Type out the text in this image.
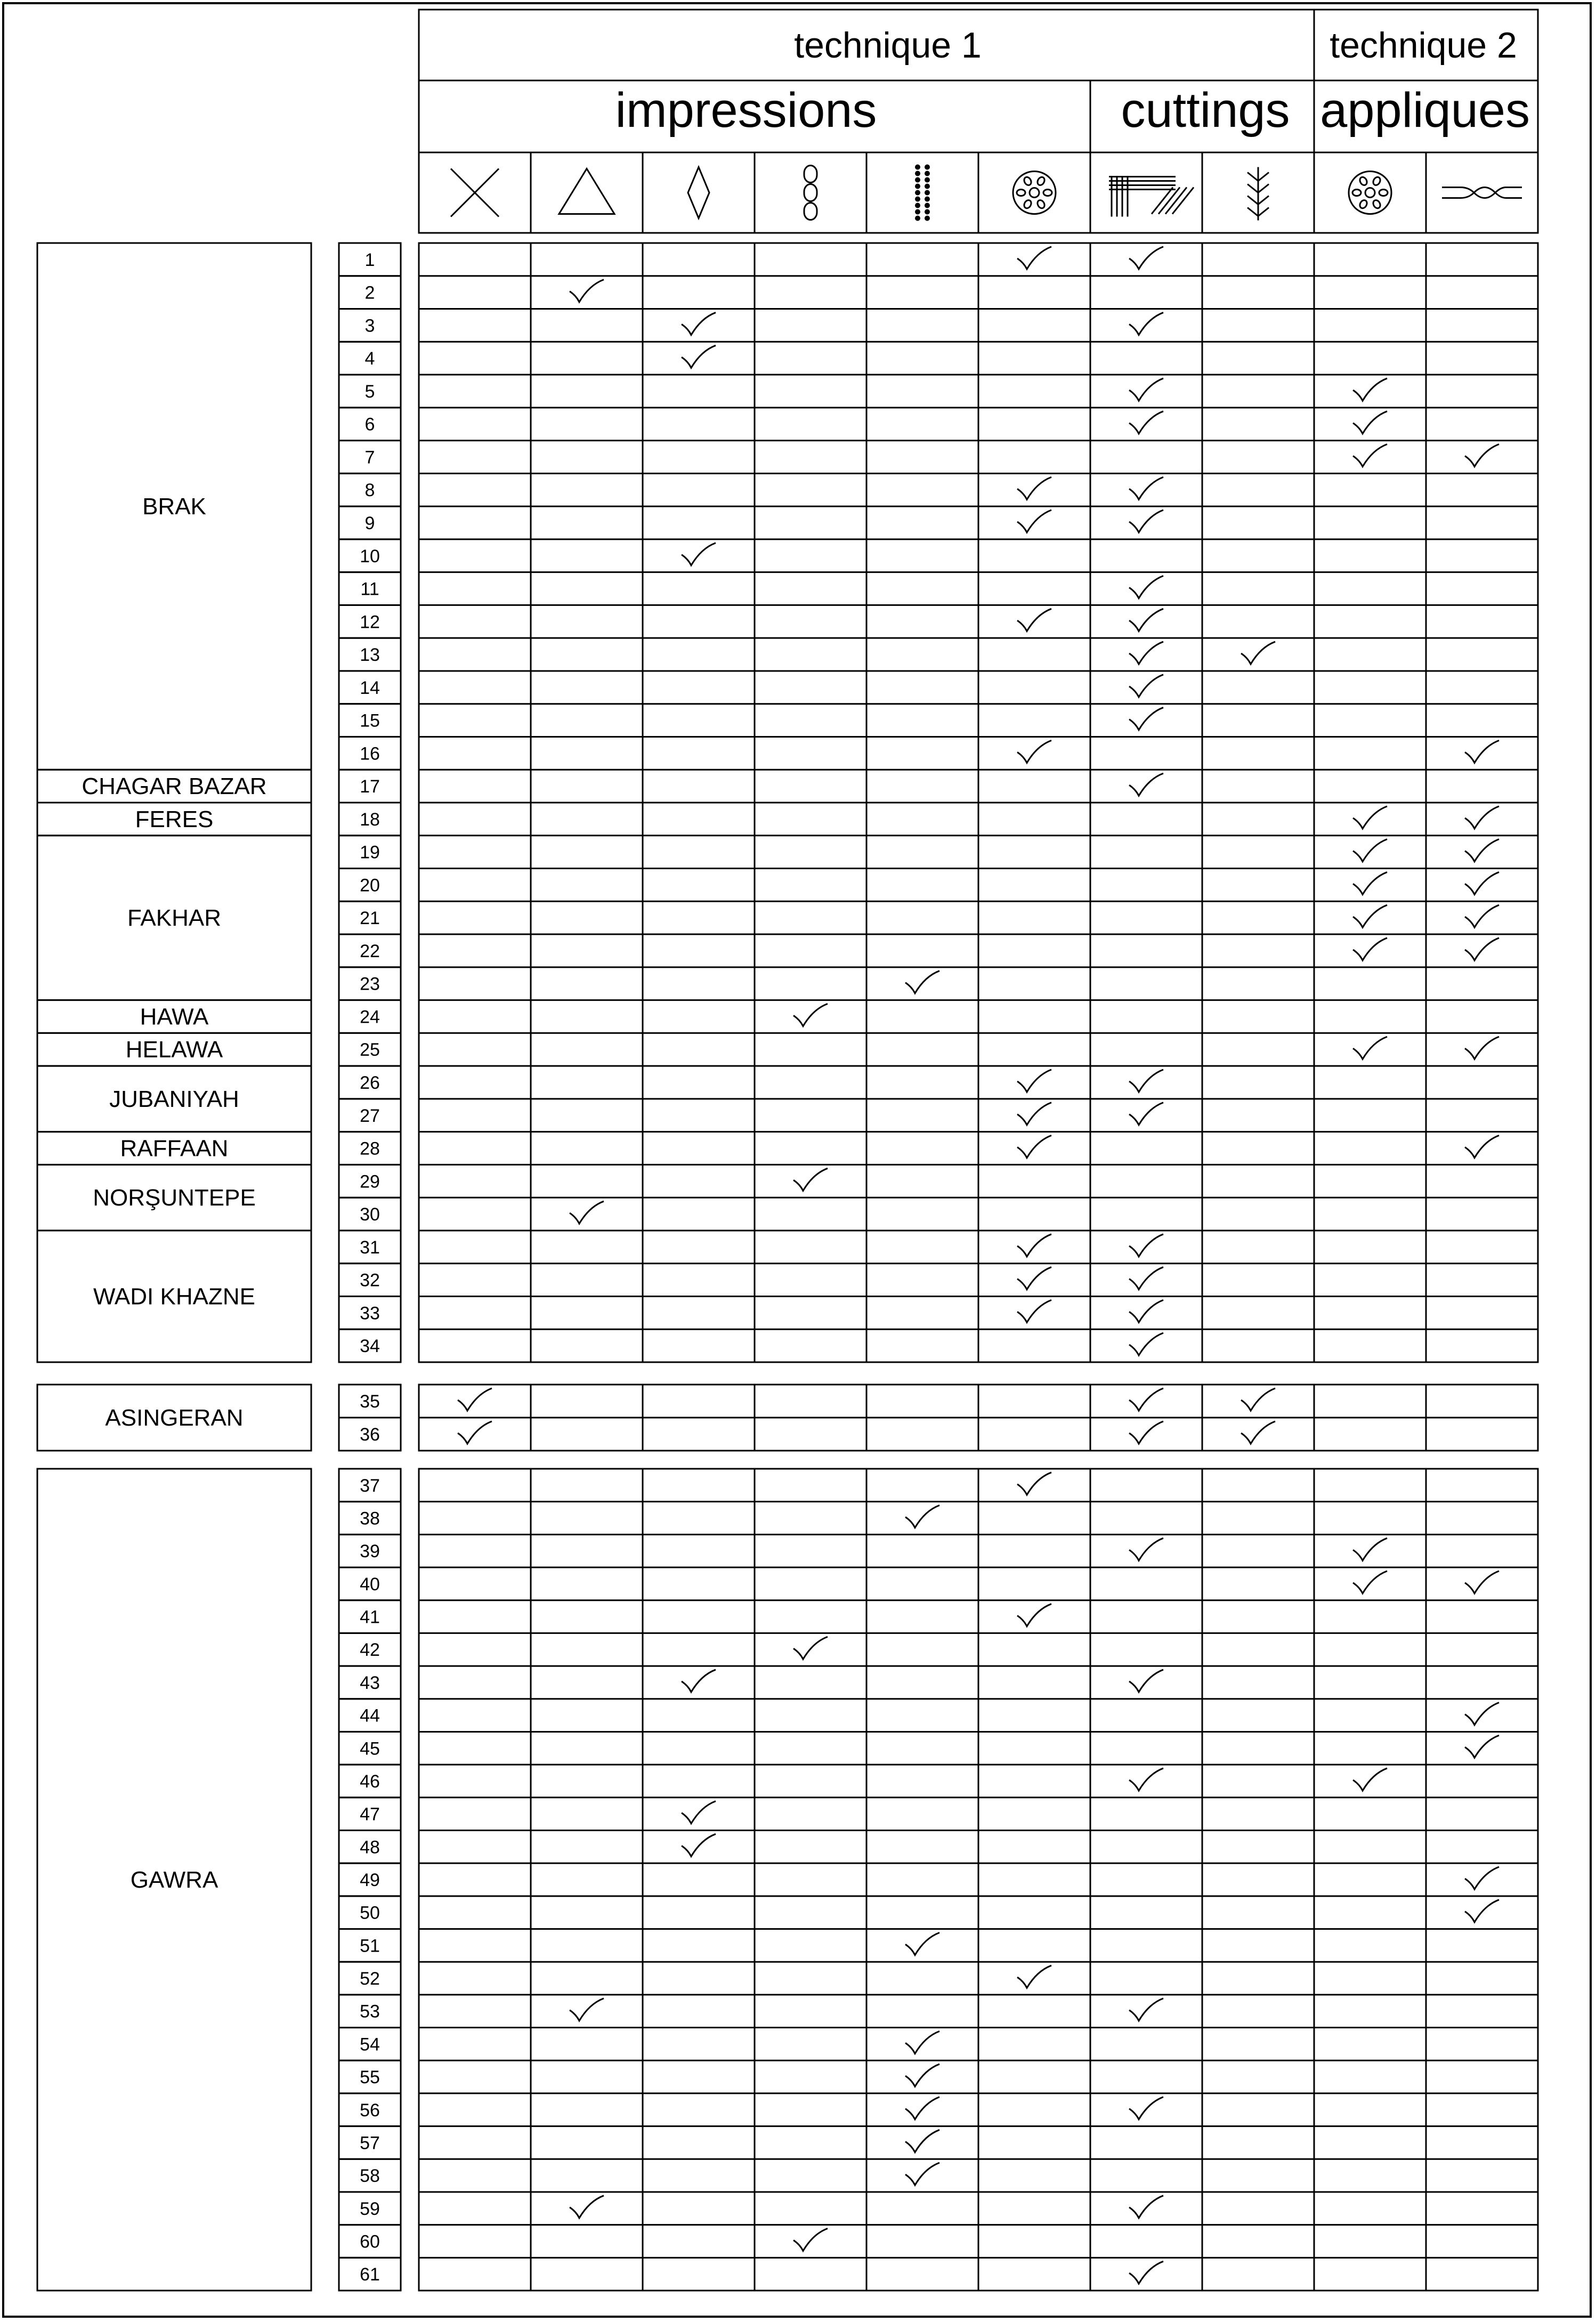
technique 1	technique 2
impressions	cuttings appliques
BRAK
CHAGAR BAZAR
FERES
FAKHAR
HAWA
HELAWA
JUBANIYAH
RAFFAAN
NORŞUNTEPE
WADI KHAZNE
ASINGERAN
GAWRA
1
2
3
4
5
6
7
8
9
10
11
12
13
14
15
16
17
18
19
20
21
22
23
24
25
26
27
28
29
30
31
32
33
34
35
36
37
38
39
40
41
42
43
44
45
46
47
48
49
50
51
52
53
54
55
56
57
58
59
60
61
